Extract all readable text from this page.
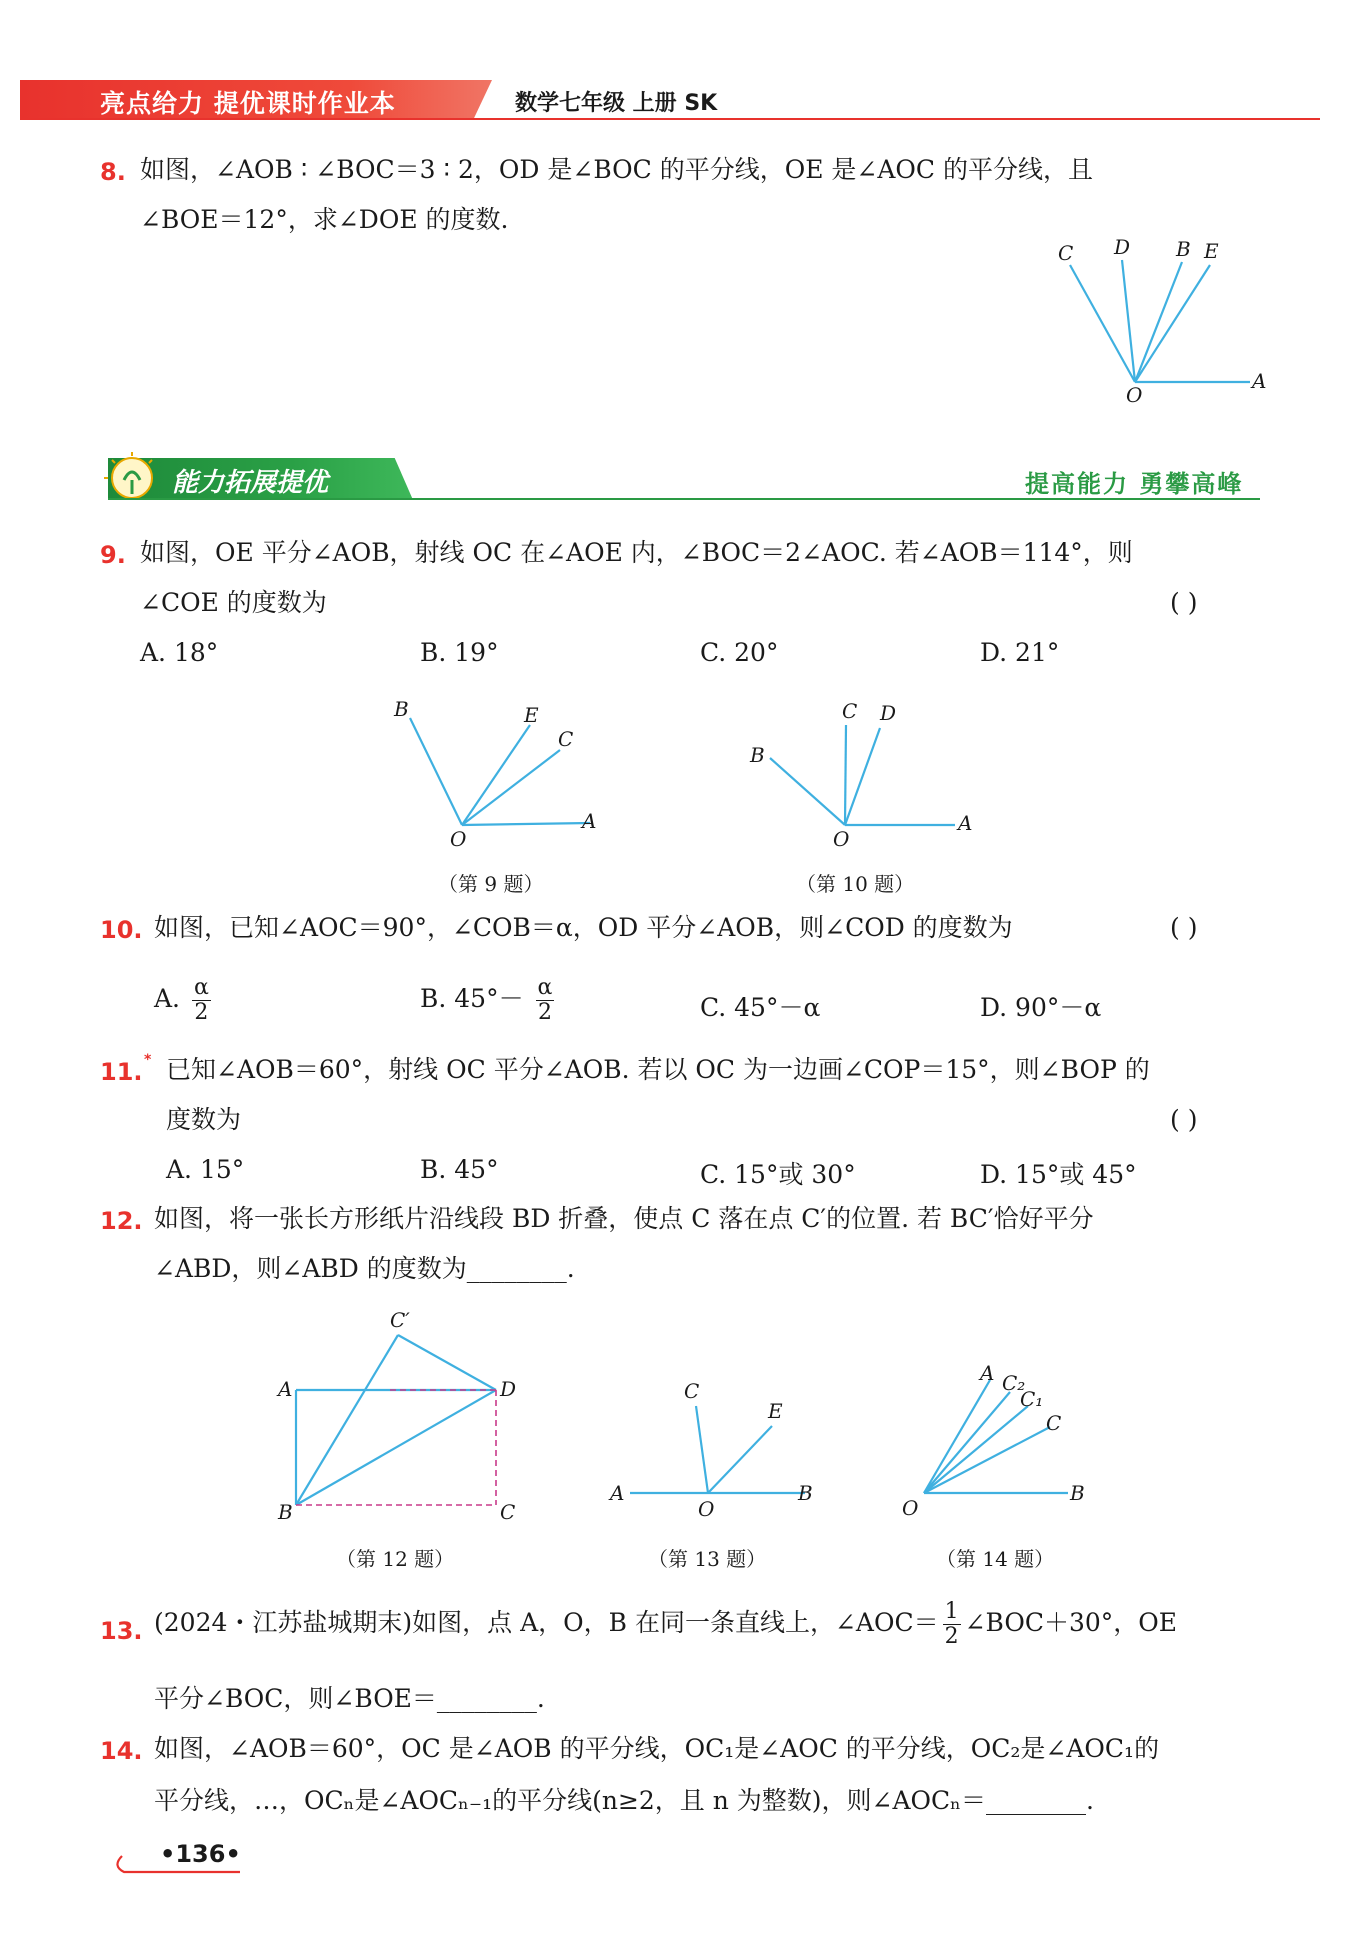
亮点给力 提优课时作业本	数学七年级 上册 SK
8. 如图，∠AOB ∶ ∠BOC＝3 ∶ 2，OD 是∠BOC 的平分线，OE 是∠AOC 的平分线，且
∠BOE＝12°，求∠DOE 的度数.
C D B E
O
A
能力拓展提优	提高能力 勇攀高峰
9. 如图，OE 平分∠AOB，射线 OC 在∠AOE 内，∠BOC＝2∠AOC. 若∠AOB＝114°，则
∠COE 的度数为	( )
A. 18°	B. 19°	C. 20°	D. 21°
B	E
C
O
A
（第 9 题）
C D
B
O
A
（第 10 题）
10. 如图，已知∠AOC＝90°，∠COB＝α，OD 平分∠AOB，则∠COD 的度数为	( )
A. $\frac{\alpha}{2}$	B. $45^\circ- \frac{\alpha}{2}$	C. 45°－α	D. 90°－α
11. * 已知∠AOB＝60°，射线 OC 平分∠AOB. 若以 OC 为一边画∠COP＝15°，则∠BOP 的
度数为	( )
A. 15°	B. 45°	C. 15°或 30°	D. 15°或 45°
12. 如图，将一张长方形纸片沿线段 BD 折叠，使点 C 落在点 C′的位置. 若 BC′恰好平分
∠ABD，则∠ABD 的度数为________.
C′
A	D
B	C
（第 12 题）
C
E
A
O
B
（第 13 题）
A C₂
C₁
C
O
B
（第 14 题）
13. (2024・江苏盐城期末)如图，点 A，O，B 在同一条直线上，∠AOC＝ $\frac{1}{2}$ ∠BOC＋30°，OE
平分∠BOC，则∠BOE＝________.
14. 如图，∠AOB＝60°，OC 是∠AOB 的平分线，OC₁是∠AOC 的平分线，OC₂是∠AOC₁的
平分线，…，OCₙ是∠AOCₙ₋₁的平分线(n≥2，且 n 为整数)，则∠AOCₙ＝________.
•136•
